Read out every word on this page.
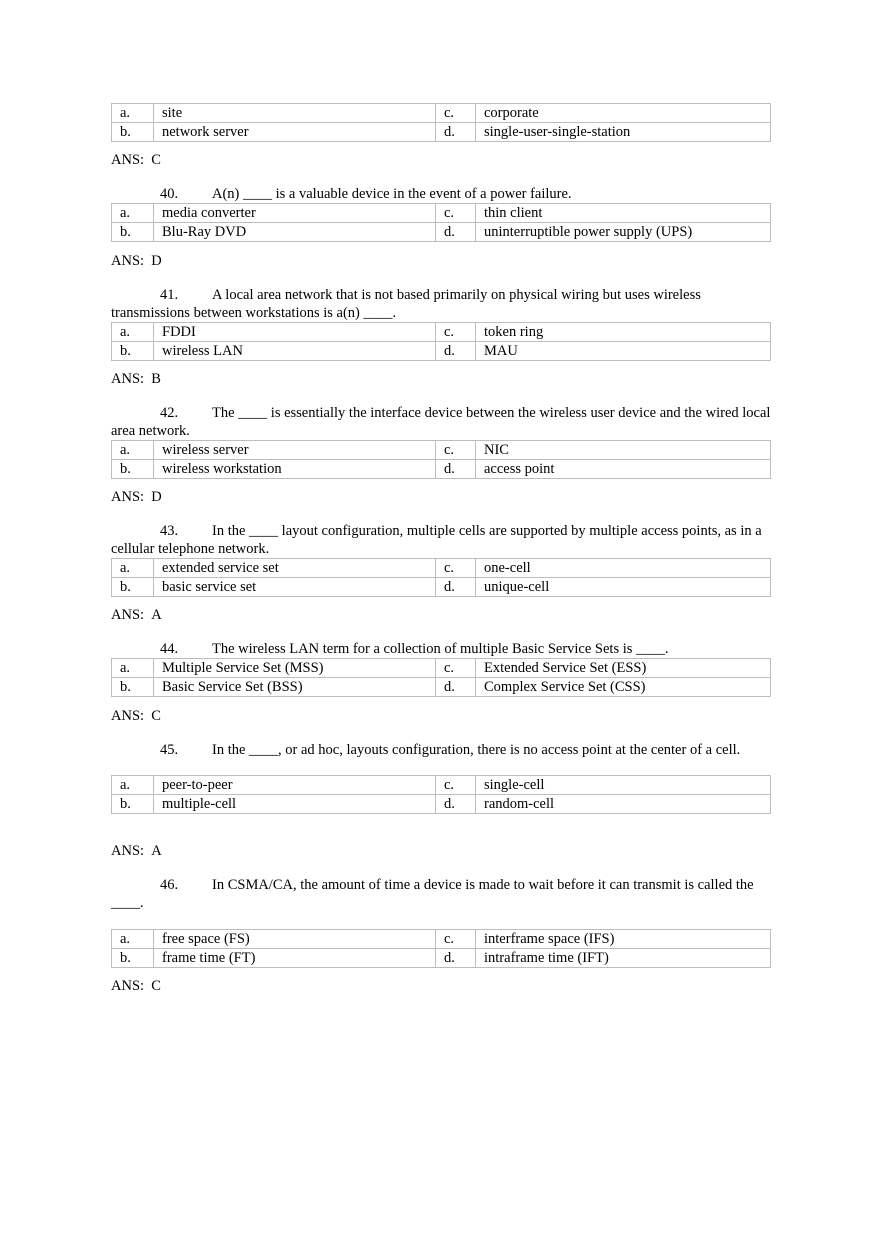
a.	site	c.	corporate
b.	network server	d.	single-user-single-station
ANS: C
40. A(n) ____ is a valuable device in the event of a power failure.
a.	media converter	c.	thin client
b.	Blu-Ray DVD	d.	uninterruptible power supply (UPS)
ANS: D
41. A local area network that is not based primarily on physical wiring but uses wireless transmissions between workstations is a(n) ____.
a.	FDDI	c.	token ring
b.	wireless LAN	d.	MAU
ANS: B
42. The ____ is essentially the interface device between the wireless user device and the wired local area network.
a.	wireless server	c.	NIC
b.	wireless workstation	d.	access point
ANS: D
43. In the ____ layout configuration, multiple cells are supported by multiple access points, as in a cellular telephone network.
a.	extended service set	c.	one-cell
b.	basic service set	d.	unique-cell
ANS: A
44. The wireless LAN term for a collection of multiple Basic Service Sets is ____.
a.	Multiple Service Set (MSS)	c.	Extended Service Set (ESS)
b.	Basic Service Set (BSS)	d.	Complex Service Set (CSS)
ANS: C
45. In the ____, or ad hoc, layouts configuration, there is no access point at the center of a cell.
a.	peer-to-peer	c.	single-cell
b.	multiple-cell	d.	random-cell
ANS: A
46. In CSMA/CA, the amount of time a device is made to wait before it can transmit is called the ____.
a.	free space (FS)	c.	interframe space (IFS)
b.	frame time (FT)	d.	intraframe time (IFT)
ANS: C
